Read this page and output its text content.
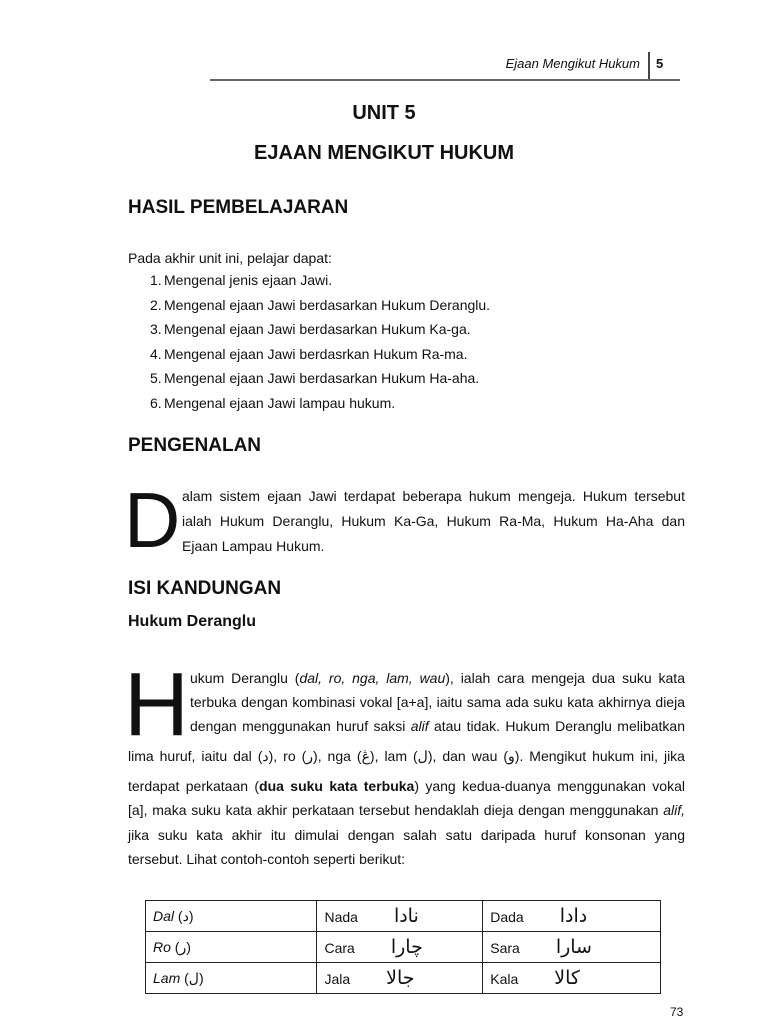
Ejaan Mengikut Hukum 5
UNIT 5
EJAAN MENGIKUT HUKUM
HASIL PEMBELAJARAN
Pada akhir unit ini, pelajar dapat:
1. Mengenal jenis ejaan Jawi.
2. Mengenal ejaan Jawi berdasarkan Hukum Deranglu.
3. Mengenal ejaan Jawi berdasarkan Hukum Ka-ga.
4. Mengenal ejaan Jawi berdasrkan Hukum Ra-ma.
5. Mengenal ejaan Jawi berdasarkan Hukum Ha-aha.
6. Mengenal ejaan Jawi lampau hukum.
PENGENALAN
D alam sistem ejaan Jawi terdapat beberapa hukum mengeja. Hukum tersebut
ialah Hukum Deranglu, Hukum Ka-Ga, Hukum Ra-Ma, Hukum Ha-Aha dan
Ejaan Lampau Hukum.
ISI KANDUNGAN
Hukum Deranglu
H ukum Deranglu (dal, ro, nga, lam, wau), ialah cara mengeja dua suku kata
terbuka dengan kombinasi vokal [a+a], iaitu sama ada suku kata akhirnya dieja
dengan menggunakan huruf saksi alif atau tidak. Hukum Deranglu melibatkan
lima huruf, iaitu dal (د), ro (ر), nga (ڠ), lam (ل), dan wau (و). Mengikut hukum ini, jika
terdapat perkataan (dua suku kata terbuka) yang kedua-duanya menggunakan vokal
[a], maka suku kata akhir perkataan tersebut hendaklah dieja dengan menggunakan alif,
jika suku kata akhir itu dimulai dengan salah satu daripada huruf konsonan yang
tersebut. Lihat contoh-contoh seperti berikut:
Dal (د)	Nada نادا	Dada دادا
Ro (ر)	Cara چارا	Sara سارا
Lam (ل)	Jala جالا	Kala کالا
73
